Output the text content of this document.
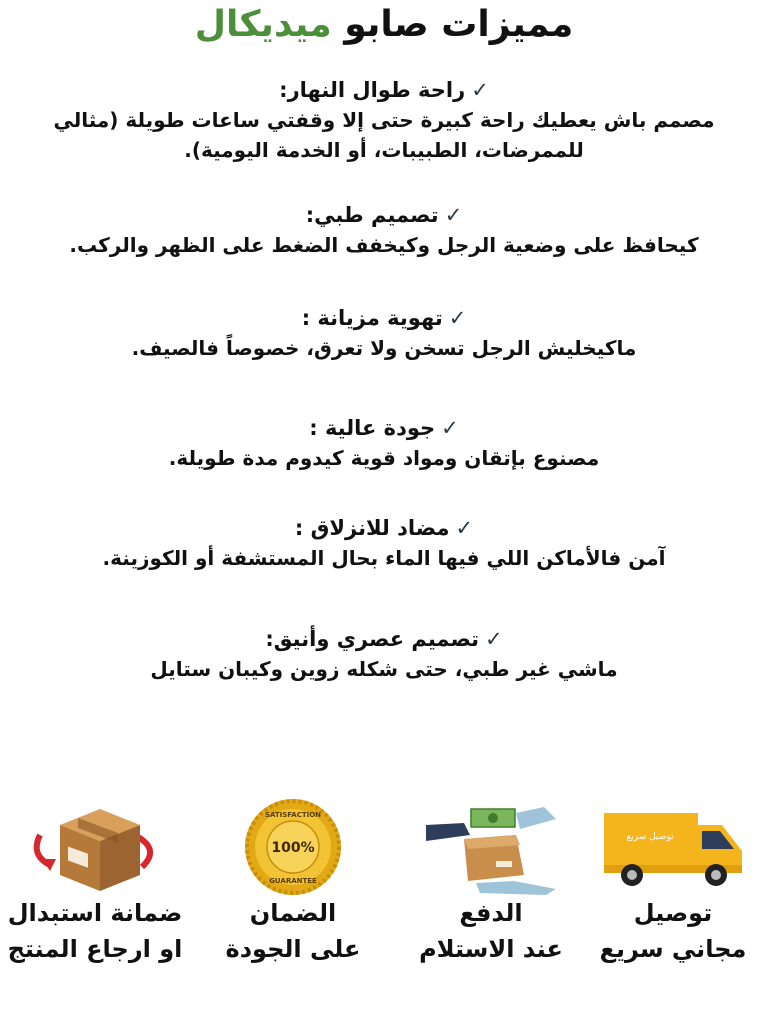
مميزات صابو ميديكال
✓راحة طوال النهار:
مصمم باش يعطيك راحة كبيرة حتى إلا وقفتي ساعات طويلة (مثالي للممرضات، الطبيبات، أو الخدمة اليومية).
✓تصميم طبي:
كيحافظ على وضعية الرجل وكيخفف الضغط على الظهر والركب.
✓تهوية مزيانة :
ماكيخليش الرجل تسخن ولا تعرق، خصوصاً فالصيف.
✓جودة عالية :
مصنوع بإتقان ومواد قوية كيدوم مدة طويلة.
✓مضاد للانزلاق :
آمن فالأماكن اللي فيها الماء بحال المستشفة أو الكوزينة.
✓تصميم عصري وأنيق:
ماشي غير طبي، حتى شكله زوين وكيبان ستايل
ضمانة استبدال
او ارجاع المنتج
SATISFACTION
100%
GUARANTEE
الضمان
على الجودة
الدفع
عند الاستلام
توصيل سريع
توصيل
مجاني سريع
